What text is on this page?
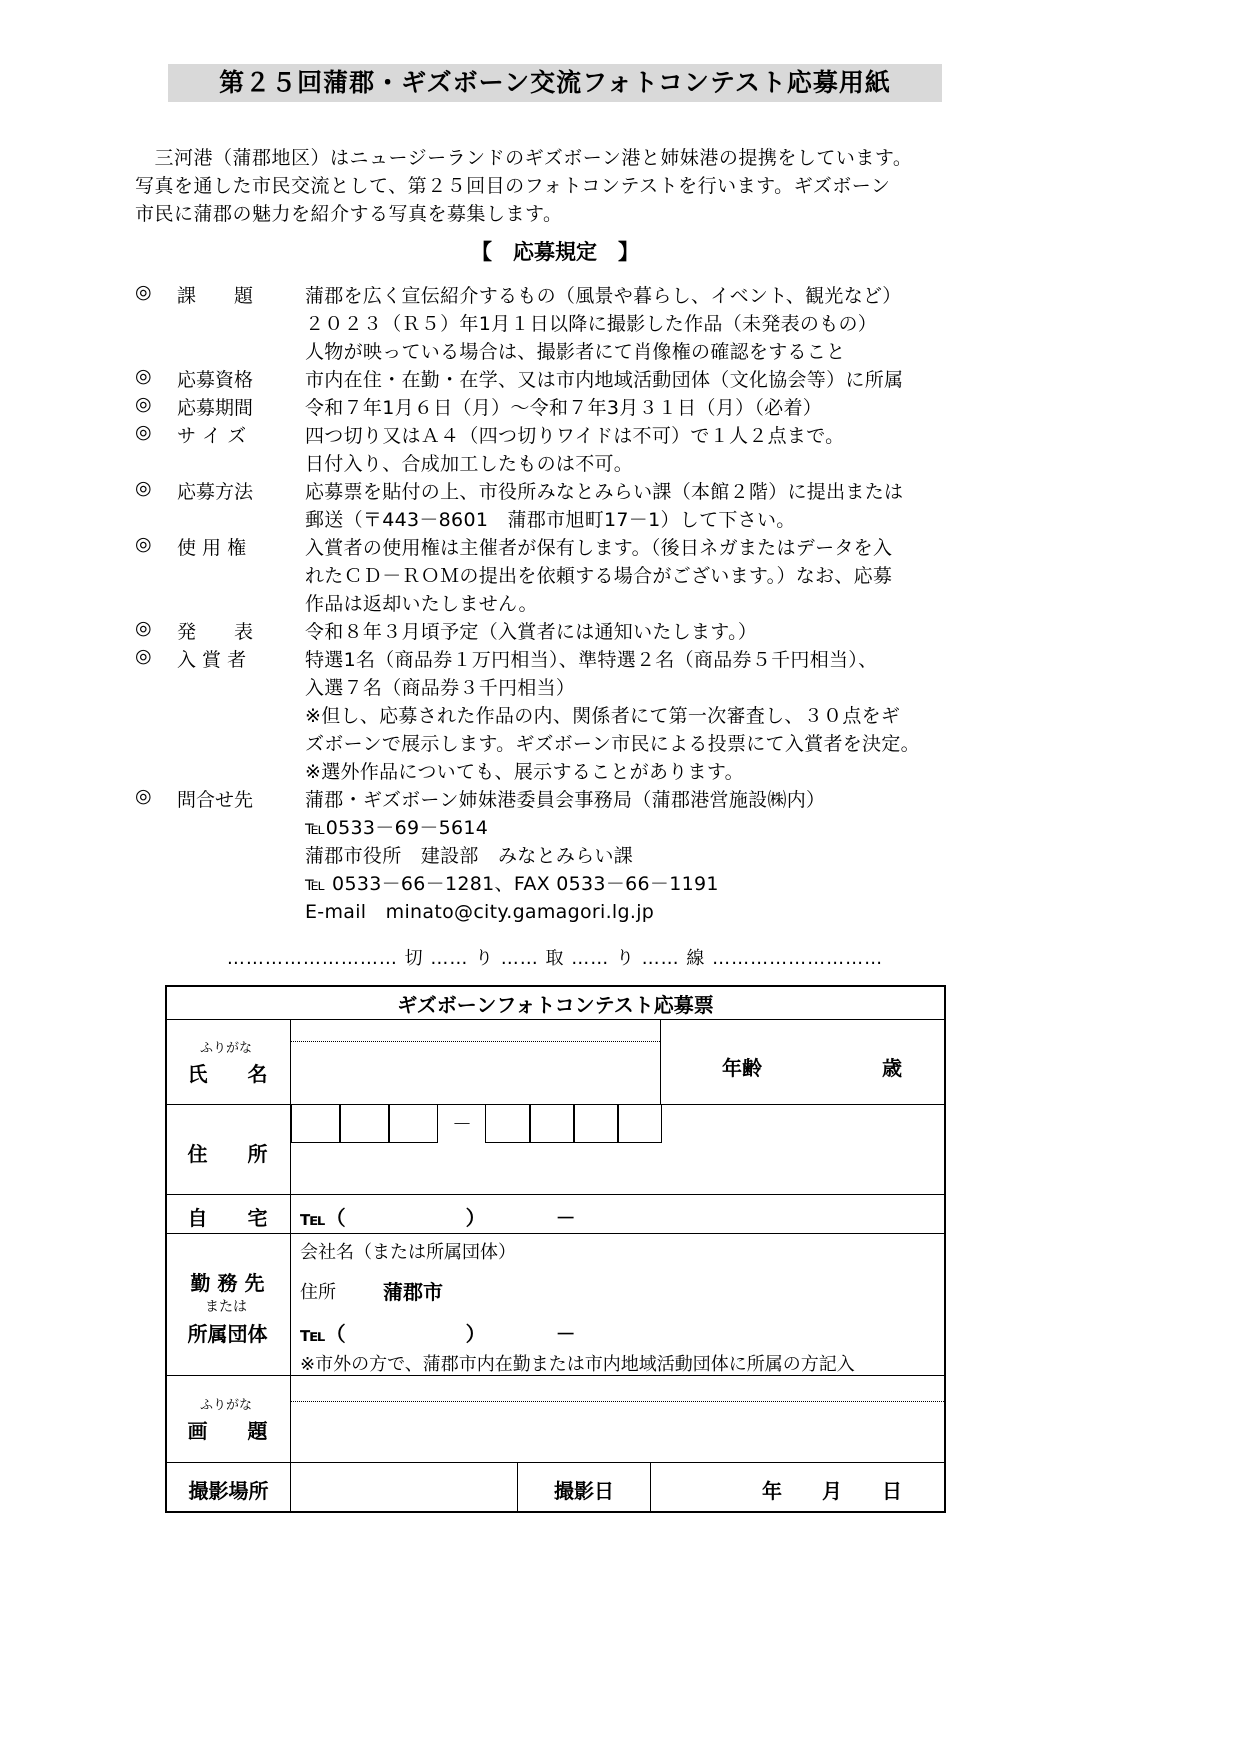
第２５回蒲郡・ギズボーン交流フォトコンテスト応募用紙
　三河港（蒲郡地区）はニュージーランドのギズボーン港と姉妹港の提携をしています。
写真を通した市民交流として、第２５回目のフォトコンテストを行います。ギズボーン
市民に蒲郡の魅力を紹介する写真を募集します。
【　応募規定　】
◎ 課　　題	蒲郡を広く宣伝紹介するもの（風景や暮らし、イベント、観光など）
２０２３（Ｒ５）年1月１日以降に撮影した作品（未発表のもの）
人物が映っている場合は、撮影者にて肖像権の確認をすること
◎ 応募資格	市内在住・在勤・在学、又は市内地域活動団体（文化協会等）に所属
◎ 応募期間	令和７年1月６日（月）～令和７年3月３１日（月）（必着）
◎ サ イ ズ	四つ切り又はＡ４（四つ切りワイドは不可）で１人２点まで。
日付入り、合成加工したものは不可。
◎ 応募方法	応募票を貼付の上、市役所みなとみらい課（本館２階）に提出または
郵送（〒443－8601　蒲郡市旭町17－1）して下さい。
◎ 使 用 権	入賞者の使用権は主催者が保有します。（後日ネガまたはデータを入
れたＣＤ－ＲＯＭの提出を依頼する場合がございます。）なお、応募
作品は返却いたしません。
◎ 発　　表	令和８年３月頃予定（入賞者には通知いたします。）
◎ 入 賞 者	特選1名（商品券１万円相当）、準特選２名（商品券５千円相当）、
入選７名（商品券３千円相当）
※但し、応募された作品の内、関係者にて第一次審査し、３０点をギ
ズボーンで展示します。ギズボーン市民による投票にて入賞者を決定。
※選外作品についても、展示することがあります。
◎ 問合せ先	蒲郡・ギズボーン姉妹港委員会事務局（蒲郡港営施設㈱内）
℡0533－69－5614
蒲郡市役所　建設部　みなとみらい課
℡ 0533－66－1281、FAX 0533－66－1191
E-mail　minato@city.gamagori.lg.jp
……………………… 切 …… り …… 取 …… り …… 線 ………………………
ギズボーンフォトコンテスト応募票
ふりがな
氏　　名	年齢	歳
住　　所
－
自　　宅	℡（　　　　　　）　　　　－
勤 務 先
または
所属団体
会社名（または所属団体）
住所 蒲郡市
℡（　　　　　　）　　　　－
※市外の方で、蒲郡市内在勤または市内地域活動団体に所属の方記入
ふりがな
画　　題
撮影場所	撮影日	年　　月　　日
